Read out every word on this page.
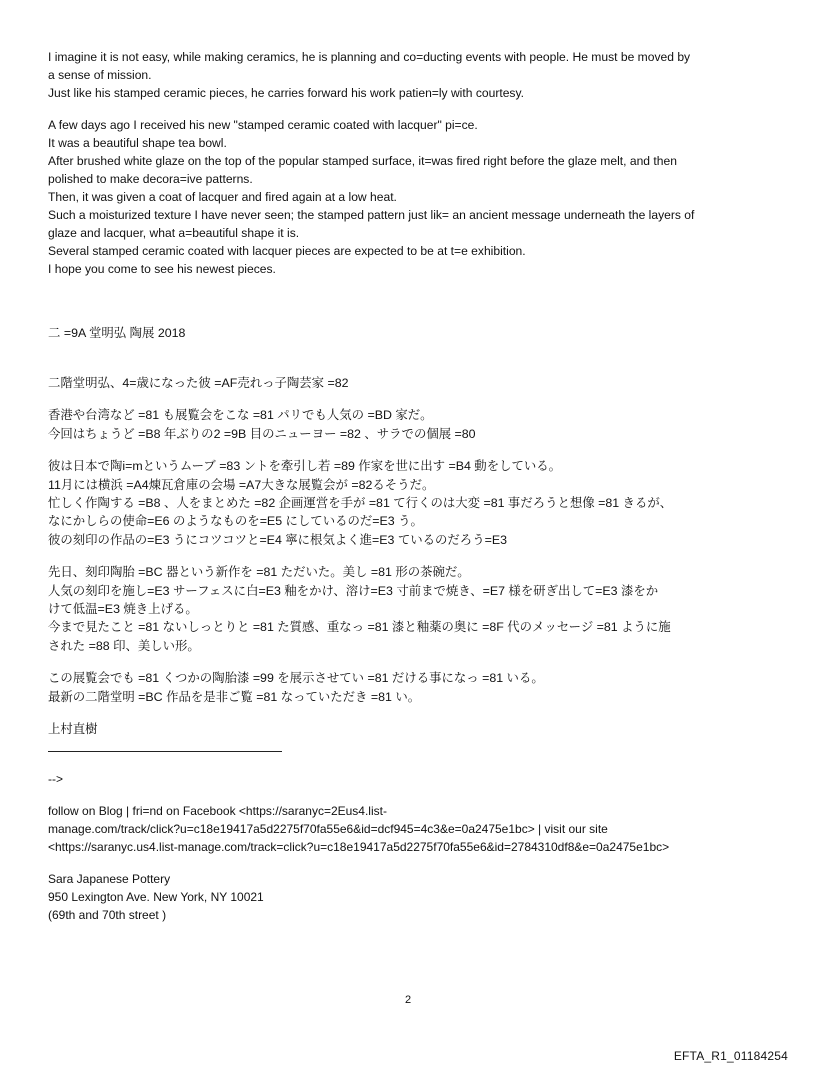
I imagine it is not easy, while making ceramics, he is planning and co=ducting events with people. He must be moved by
a sense of mission.
Just like his stamped ceramic pieces, he carries forward his work patien=ly with courtesy.

A few days ago I received his new "stamped ceramic coated with lacquer" pi=ce.
It was a beautiful shape tea bowl.
After brushed white glaze on the top of the popular stamped surface, it=was fired right before the glaze melt, and then
polished to make decora=ive patterns.
Then, it was given a coat of lacquer and fired again at a low heat.
Such a moisturized texture I have never seen; the stamped pattern just lik= an ancient message underneath the layers of
glaze and lacquer, what a=beautiful shape it is.
Several stamped ceramic coated with lacquer pieces are expected to be at t=e exhibition.
I hope you come to see his newest pieces.

二 =9A 堂明弘 陶展 2018

二階堂明弘、4=歳になった彼 =AF売れっ子陶芸家 =82

香港や台湾など =81 も展覧会をこな =81 パリでも人気の =BD 家だ。
今回はちょうど =B8 年ぶりの2 =9B 目のニューヨー =82 、サラでの個展 =80

彼は日本で陶i=mというムーブ =83 ントを牽引し若 =89 作家を世に出す =B4 動をしている。
11月には横浜 =A4煉瓦倉庫の会場 =A7大きな展覧会が =82るそうだ。
忙しく作陶する =B8 、人をまとめた =82 企画運営を手が =81 て行くのは大変 =81 事だろうと想像 =81 きるが、
なにかしらの使命=E6 のようなものを=E5 にしているのだ=E3 う。
彼の刻印の作品の=E3 うにコツコツと=E4 寧に根気よく進=E3 ているのだろう=E3

先日、刻印陶胎 =BC 器という新作を =81 ただいた。美し =81 形の茶碗だ。
人気の刻印を施し=E3 サーフェスに白=E3 釉をかけ、溶け=E3 寸前まで焼き、=E7 様を研ぎ出して=E3 漆をか
けて低温=E3 焼き上げる。
今まで見たこと =81 ないしっとりと =81 た質感、重なっ =81 漆と釉薬の奥に =8F 代のメッセージ =81 ように施
された =88 印、美しい形。

この展覧会でも =81 くつかの陶胎漆 =99 を展示させてい =81 だける事になっ =81 いる。
最新の二階堂明 =BC 作品を是非ご覧 =81 なっていただき =81 い。

上村直樹

-->

follow on Blog | fri=nd on Facebook <https://saranyc=2Eus4.list-
manage.com/track/click?u=c18e19417a5d2275f70fa55e6&id=dcf945=4c3&e=0a2475e1bc> | visit our site
<https://saranyc.us4.list-manage.com/track=click?u=c18e19417a5d2275f70fa55e6&id=2784310df8&e=0a2475e1bc>

Sara Japanese Pottery
950 Lexington Ave. New York, NY 10021
(69th and 70th street )

2
EFTA_R1_01184254
